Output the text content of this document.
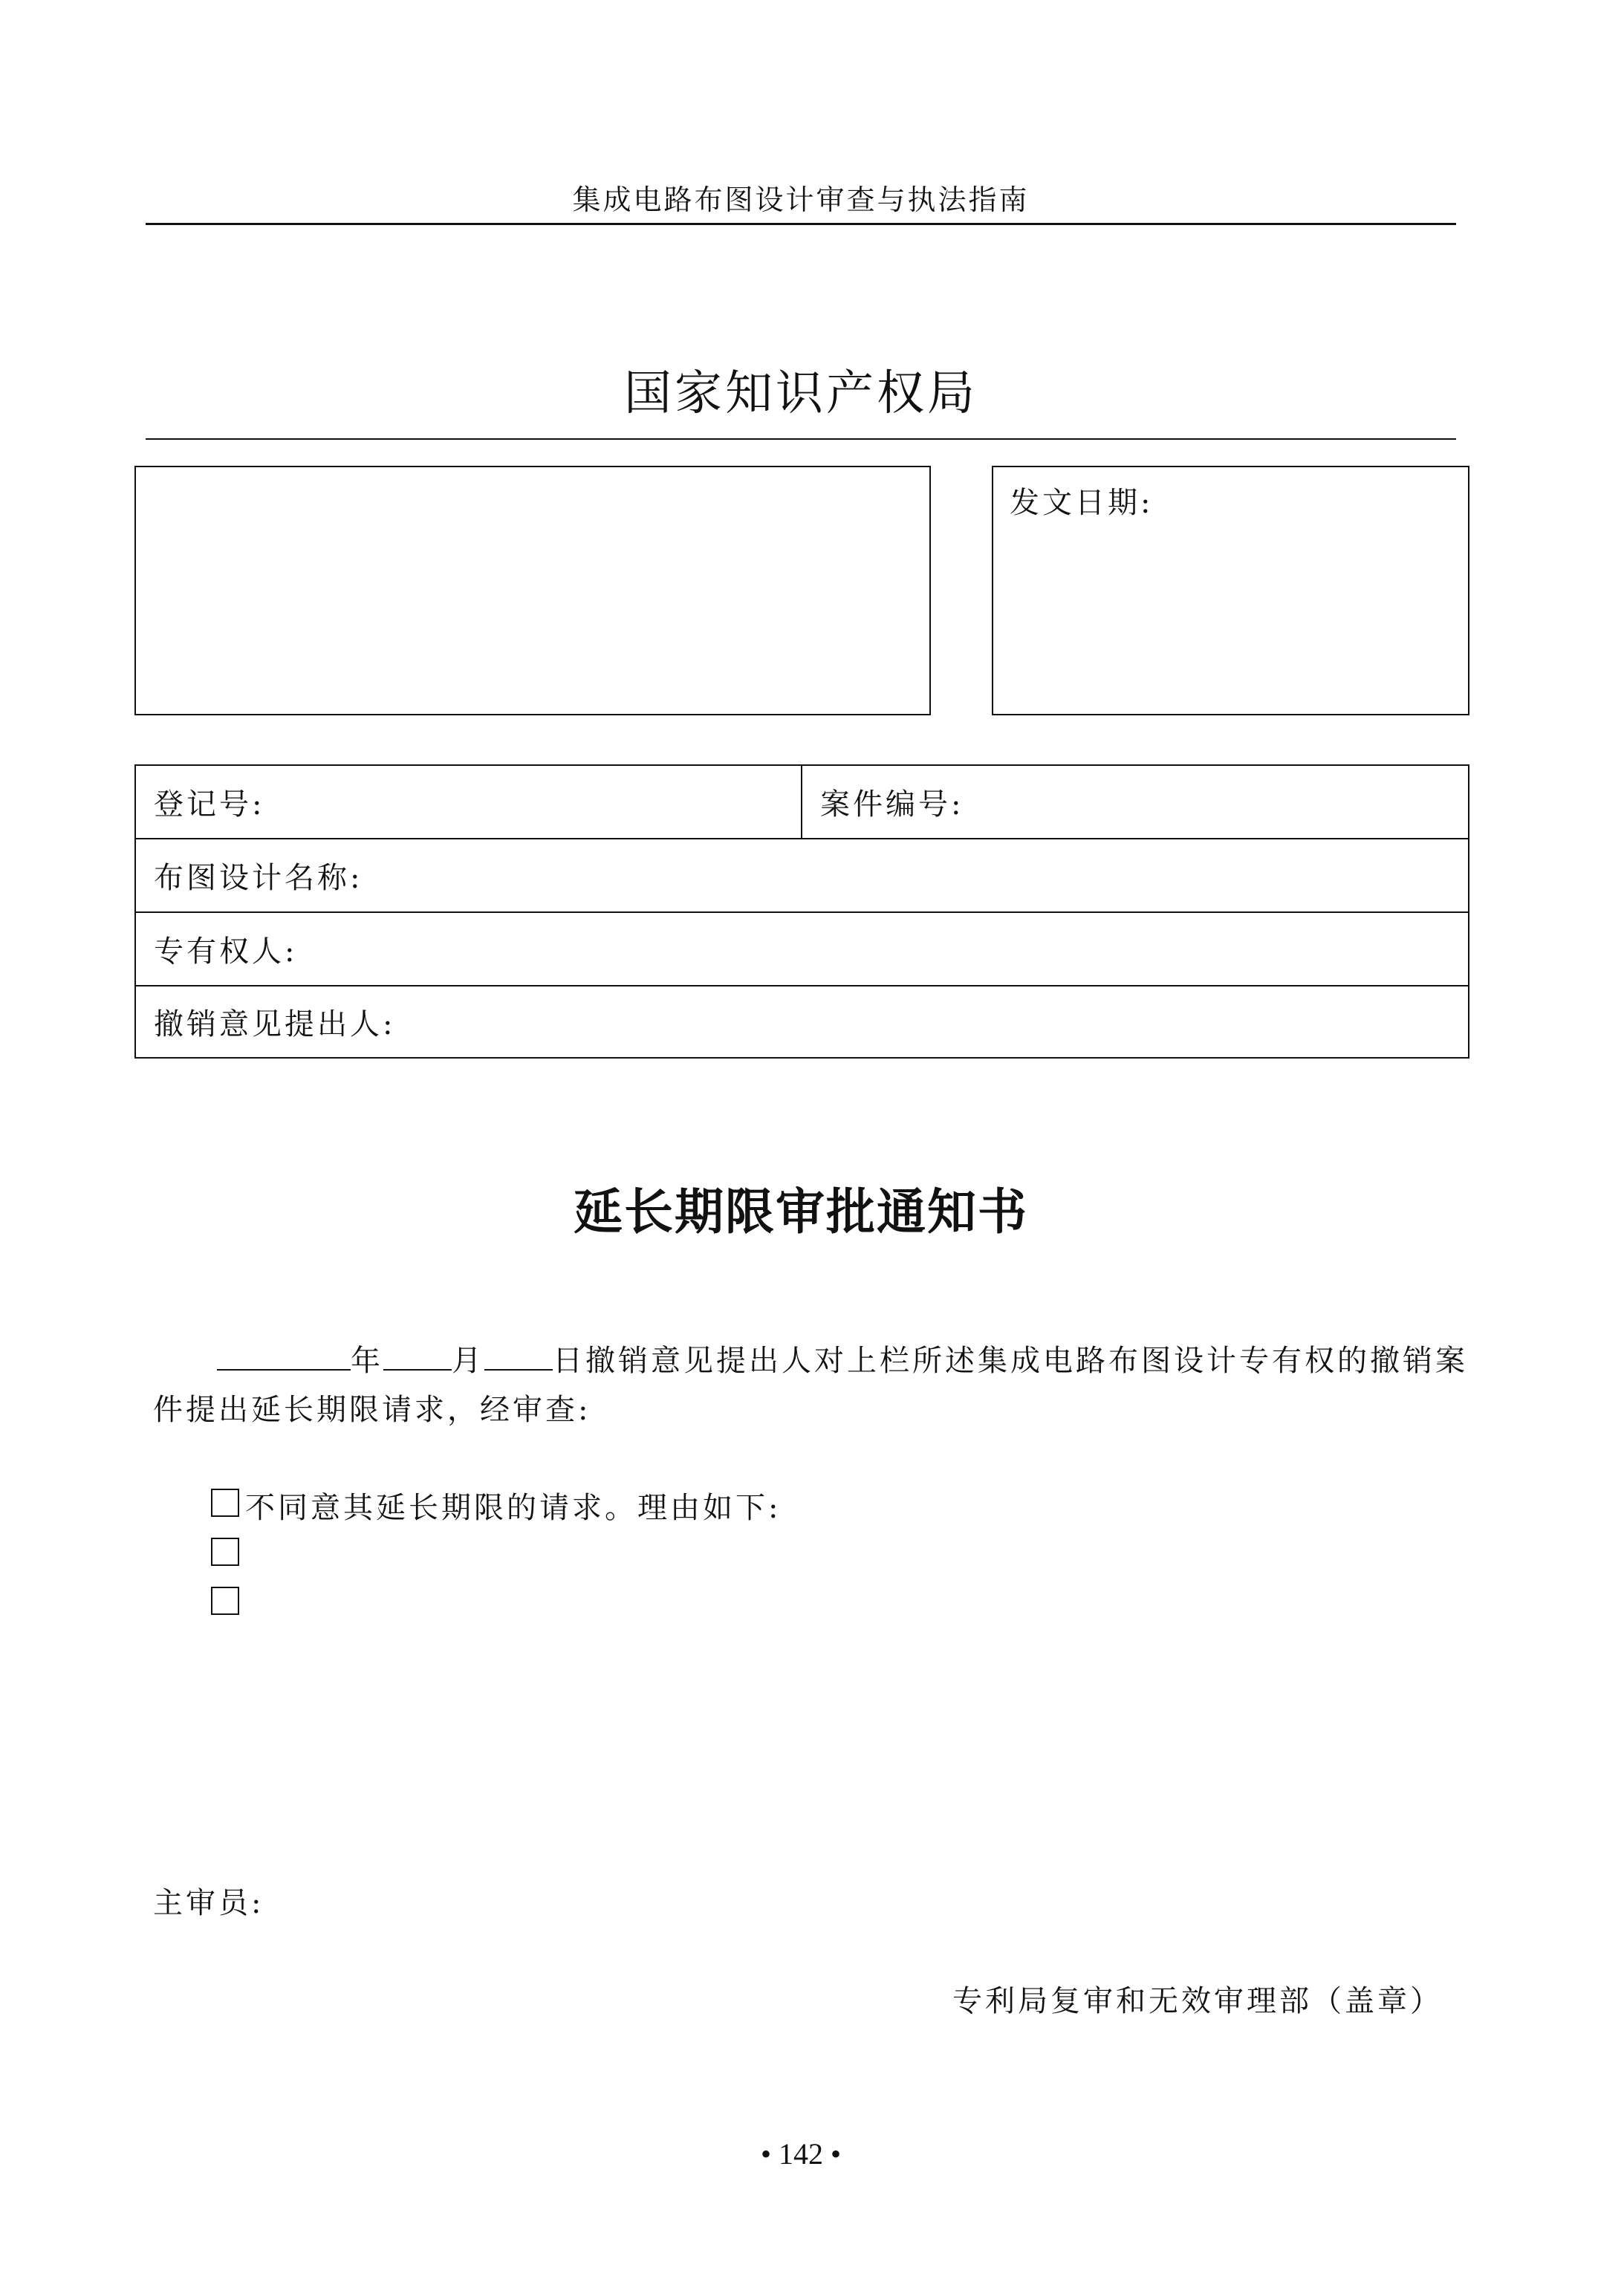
集成电路布图设计审查与执法指南
国家知识产权局
发文日期:
登记号:	案件编号:
布图设计名称:
专有权人:
撤销意见提出人:
延长期限审批通知书
年 月 日撤销意见提出人对上栏所述集成电路布图设计专有权的撤销案
件提出延长期限请求，经审查:
不同意其延长期限的请求。理由如下:
主审员:
专利局复审和无效审理部（盖章）
• 142 •
